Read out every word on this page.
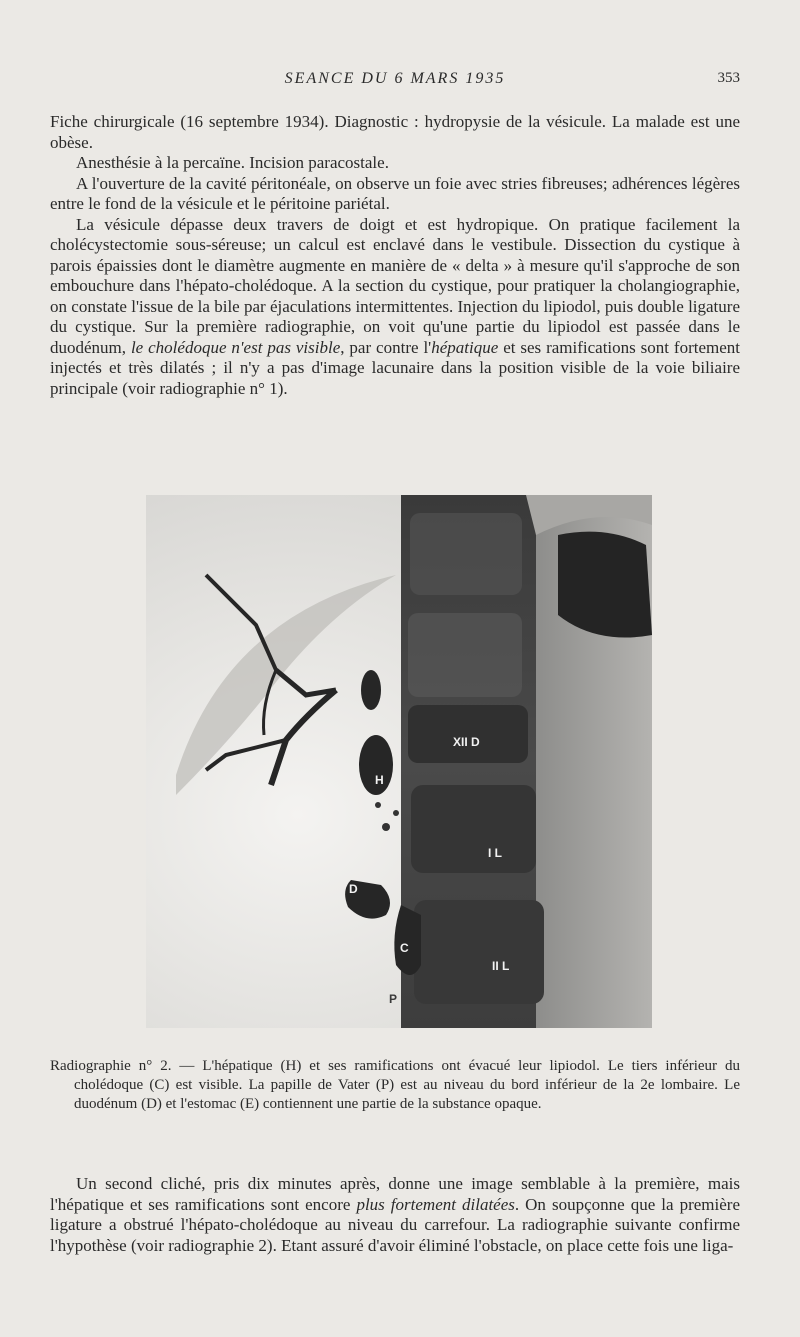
SEANCE DU 6 MARS 1935	353

Fiche chirurgicale (16 septembre 1934). Diagnostic : hydropysie de la vésicule. La malade est une obèse.

Anesthésie à la percaïne. Incision paracostale.

A l'ouverture de la cavité péritonéale, on observe un foie avec stries fibreuses; adhérences légères entre le fond de la vésicule et le péritoine pariétal.

La vésicule dépasse deux travers de doigt et est hydropique. On pratique facilement la cholécystectomie sous-séreuse; un calcul est enclavé dans le vestibule. Dissection du cystique à parois épaissies dont le diamètre augmente en manière de « delta » à mesure qu'il s'approche de son embouchure dans l'hépato-cholédoque. A la section du cystique, pour pratiquer la cholangiographie, on constate l'issue de la bile par éjaculations intermittentes. Injection du lipiodol, puis double ligature du cystique. Sur la première radiographie, on voit qu'une partie du lipiodol est passée dans le duodénum, le cholédoque n'est pas visible, par contre l'hépatique et ses ramifications sont fortement injectés et très dilatés ; il n'y a pas d'image lacunaire dans la position visible de la voie biliaire principale (voir radiographie n° 1).

XII D
I L
II L
H
D
C
P
Radiographie n° 2. — L'hépatique (H) et ses ramifications ont évacué leur lipiodol. Le tiers inférieur du cholédoque (C) est visible. La papille de Vater (P) est au niveau du bord inférieur de la 2e lombaire. Le duodénum (D) et l'estomac (E) contiennent une partie de la substance opaque.

Un second cliché, pris dix minutes après, donne une image semblable à la première, mais l'hépatique et ses ramifications sont encore plus fortement dilatées. On soupçonne que la première ligature a obstrué l'hépato-cholédoque au niveau du carrefour. La radiographie suivante confirme l'hypothèse (voir radiographie 2). Etant assuré d'avoir éliminé l'obstacle, on place cette fois une liga-
